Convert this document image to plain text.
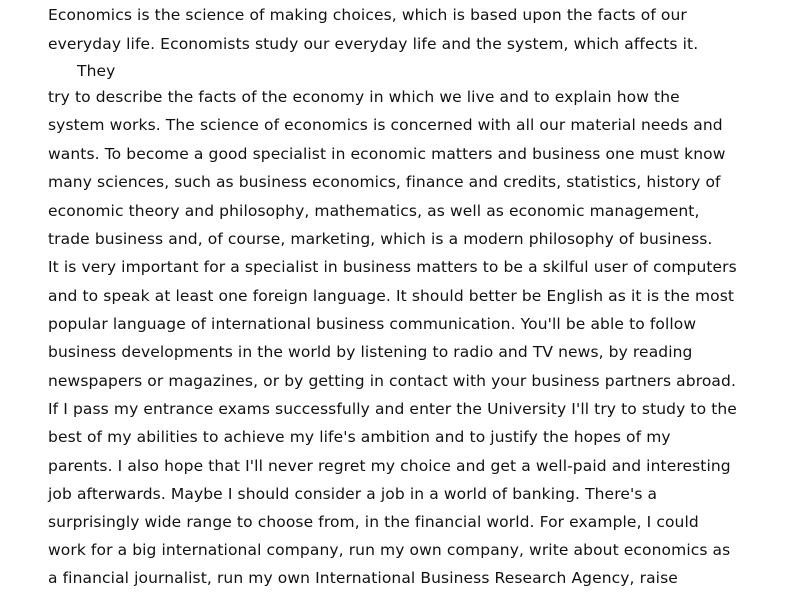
Economics is the science of making choices, which is based upon the facts of our
everyday life. Economists study our everyday life and the system, which affects it.
They
try to describe the facts of the economy in which we live and to explain how the
system works. The science of economics is concerned with all our material needs and
wants. To become a good specialist in economic matters and business one must know
many sciences, such as business economics, finance and credits, statistics, history of
economic theory and philosophy, mathematics, as well as economic management,
trade business and, of course, marketing, which is a modern philosophy of business.
It is very important for a specialist in business matters to be a skilful user of computers
and to speak at least one foreign language. It should better be English as it is the most
popular language of international business communication. You'll be able to follow
business developments in the world by listening to radio and TV news, by reading
newspapers or magazines, or by getting in contact with your business partners abroad.
If I pass my entrance exams successfully and enter the University I'll try to study to the
best of my abilities to achieve my life's ambition and to justify the hopes of my
parents. I also hope that I'll never regret my choice and get a well-paid and interesting
job afterwards. Maybe I should consider a job in a world of banking. There's a
surprisingly wide range to choose from, in the financial world. For example, I could
work for a big international company, run my own company, write about economics as
a financial journalist, run my own International Business Research Agency, raise
